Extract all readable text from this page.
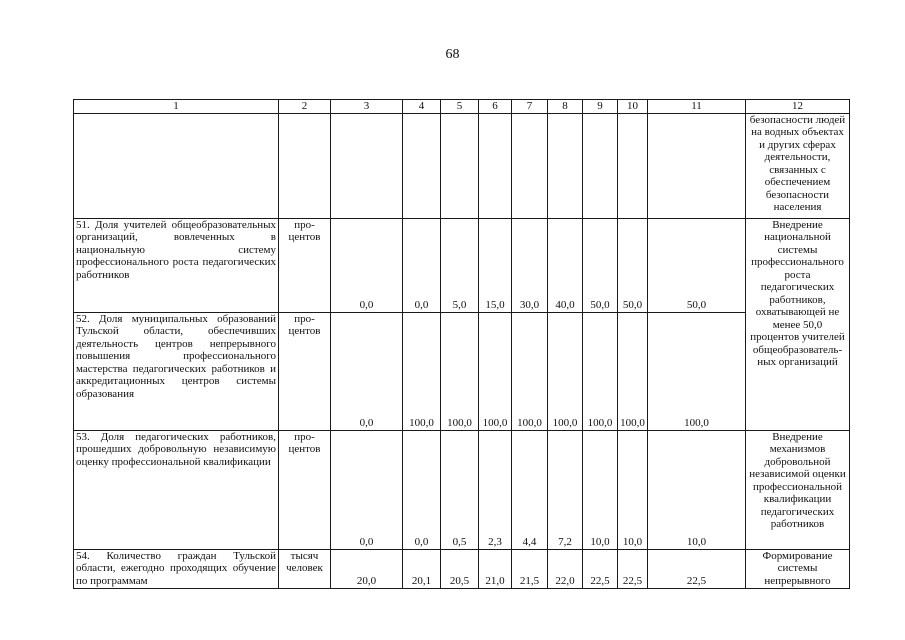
68
1	2	3	4	5	6	7	8	9	10	11	12
											безопасности людей на водных объектах и других сферах деятельности, связанных с обеспечением безопасности населения
51. Доля учителей общеобразовательных организаций, вовлеченных в национальную систему профессионального роста педагогических работников	про-центов	0,0	0,0	5,0	15,0	30,0	40,0	50,0	50,0	50,0	Внедрение национальной системы профессионального роста педагогических работников, охватывающей не менее 50,0 процентов учителей общеобразователь-ных организаций
52. Доля муниципальных образований Тульской области, обеспечивших деятельность центров непрерывного повышения профессионального мастерства педагогических работников и аккредитационных центров системы образования	про-центов	0,0	100,0	100,0	100,0	100,0	100,0	100,0	100,0	100,0	
53. Доля педагогических работников, прошедших добровольную независимую оценку профессиональной квалификации	про-центов	0,0	0,0	0,5	2,3	4,4	7,2	10,0	10,0	10,0	Внедрение механизмов добровольной независимой оценки профессиональной квалификации педагогических работников
54. Количество граждан Тульской области, ежегодно проходящих обучение по программам	тысяч человек	20,0	20,1	20,5	21,0	21,5	22,0	22,5	22,5	22,5	Формирование системы непрерывного
